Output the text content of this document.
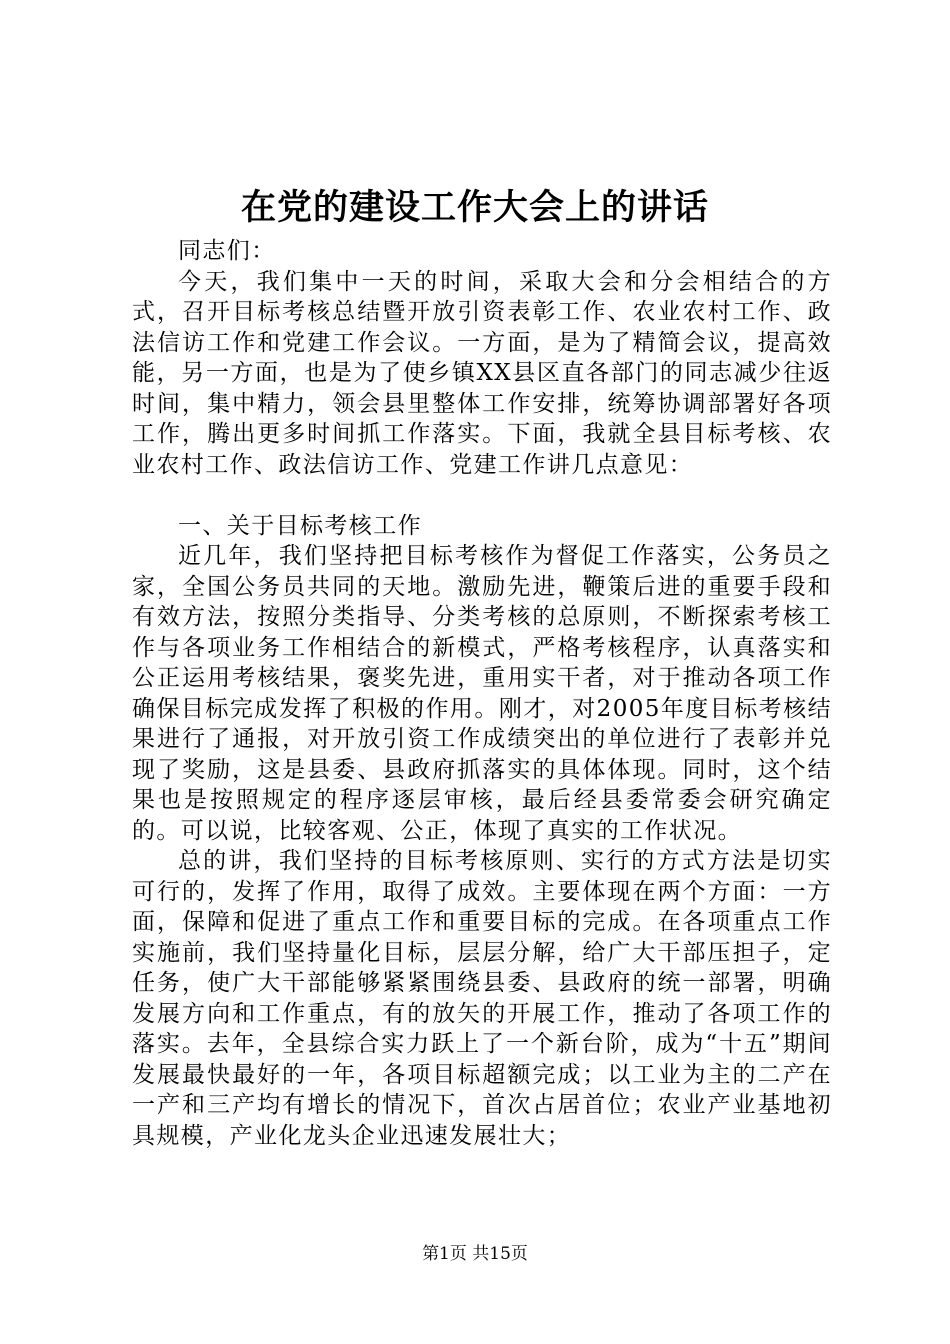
在党的建设工作大会上的讲话

同志们：

今天，我们集中一天的时间，采取大会和分会相结合的方式，召开目标考核总结暨开放引资表彰工作、农业农村工作、政法信访工作和党建工作会议。一方面，是为了精简会议，提高效能，另一方面，也是为了使乡镇XX县区直各部门的同志减少往返时间，集中精力，领会县里整体工作安排，统筹协调部署好各项工作，腾出更多时间抓工作落实。下面，我就全县目标考核、农业农村工作、政法信访工作、党建工作讲几点意见：

一、关于目标考核工作

近几年，我们坚持把目标考核作为督促工作落实，公务员之家，全国公务员共同的天地。激励先进，鞭策后进的重要手段和有效方法，按照分类指导、分类考核的总原则，不断探索考核工作与各项业务工作相结合的新模式，严格考核程序，认真落实和公正运用考核结果，褒奖先进，重用实干者，对于推动各项工作确保目标完成发挥了积极的作用。刚才，对2005年度目标考核结果进行了通报，对开放引资工作成绩突出的单位进行了表彰并兑现了奖励，这是县委、县政府抓落实的具体体现。同时，这个结果也是按照规定的程序逐层审核，最后经县委常委会研究确定的。可以说，比较客观、公正，体现了真实的工作状况。

总的讲，我们坚持的目标考核原则、实行的方式方法是切实可行的，发挥了作用，取得了成效。主要体现在两个方面：一方面，保障和促进了重点工作和重要目标的完成。在各项重点工作实施前，我们坚持量化目标，层层分解，给广大干部压担子，定任务，使广大干部能够紧紧围绕县委、县政府的统一部署，明确发展方向和工作重点，有的放矢的开展工作，推动了各项工作的落实。去年，全县综合实力跃上了一个新台阶，成为“十五”期间发展最快最好的一年，各项目标超额完成；以工业为主的二产在一产和三产均有增长的情况下，首次占居首位；农业产业基地初具规模，产业化龙头企业迅速发展壮大；

第1页 共15页
